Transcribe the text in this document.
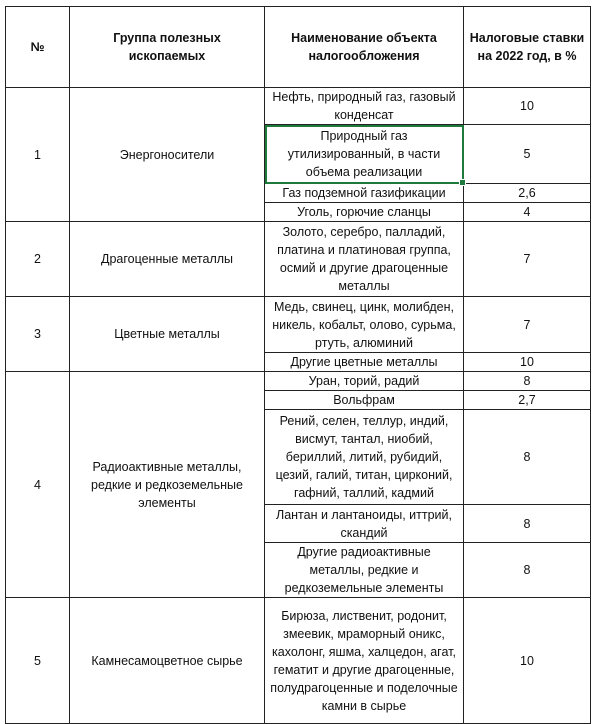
№	Группа полезных ископаемых	Наименование объекта налогообложения	Налоговые ставки на 2022 год, в %
1	Энергоносители	Нефть, природный газ, газовый конденсат	10
		Природный газ утилизированный, в части объема реализации	5
		Газ подземной газификации	2,6
		Уголь, горючие сланцы	4
2	Драгоценные металлы	Золото, серебро, палладий, платина и платиновая группа, осмий и другие драгоценные металлы	7
3	Цветные металлы	Медь, свинец, цинк, молибден, никель, кобальт, олово, сурьма, ртуть, алюминий	7
		Другие цветные металлы	10
4	Радиоактивные металлы, редкие и редкоземельные элементы	Уран, торий, радий	8
		Вольфрам	2,7
		Рений, селен, теллур, индий, висмут, тантал, ниобий, бериллий, литий, рубидий, цезий, галий, титан, цирконий, гафний, таллий, кадмий	8
		Лантан и лантаноиды, иттрий, скандий	8
		Другие радиоактивные металлы, редкие и редкоземельные элементы	8
5	Камнесамоцветное сырье	Бирюза, лиственит, родонит, змеевик, мраморный оникс, кахолонг, яшма, халцедон, агат, гематит и другие драгоценные, полудрагоценные и поделочные камни в сырье	10
